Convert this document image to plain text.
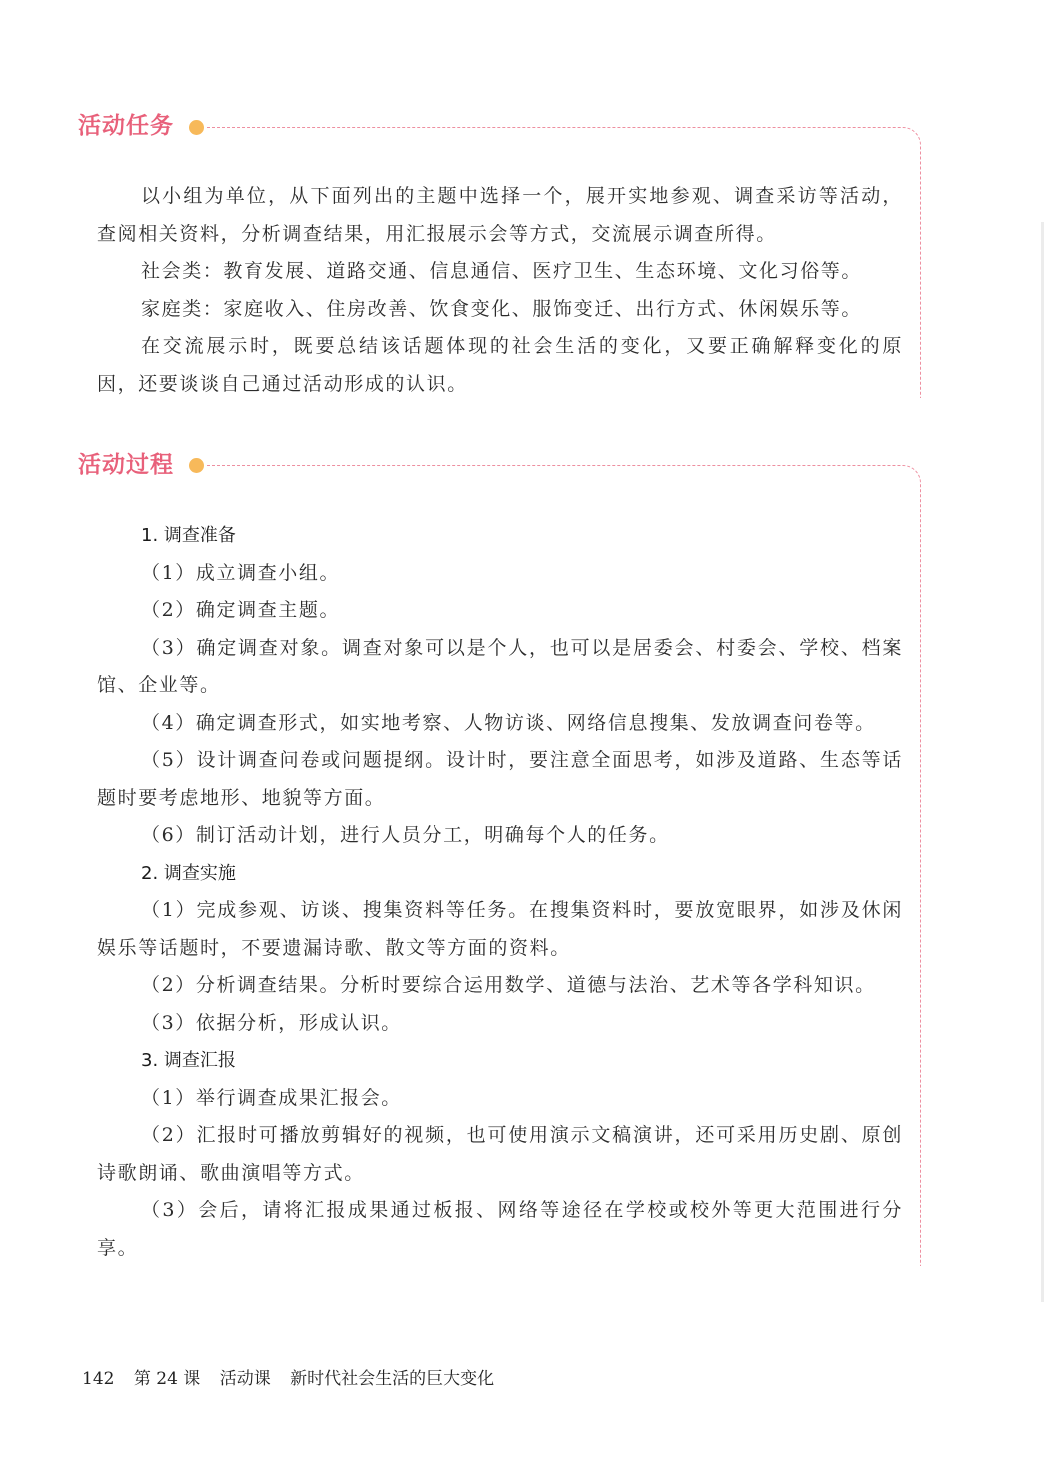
活动任务

以小组为单位，从下面列出的主题中选择一个，展开实地参观、调查采访等活动，查阅相关资料，分析调查结果，用汇报展示会等方式，交流展示调查所得。

社会类：教育发展、道路交通、信息通信、医疗卫生、生态环境、文化习俗等。

家庭类：家庭收入、住房改善、饮食变化、服饰变迁、出行方式、休闲娱乐等。

在交流展示时，既要总结该话题体现的社会生活的变化，又要正确解释变化的原因，还要谈谈自己通过活动形成的认识。

活动过程

1. 调查准备

（1）成立调查小组。

（2）确定调查主题。

（3）确定调查对象。调查对象可以是个人，也可以是居委会、村委会、学校、档案馆、企业等。

（4）确定调查形式，如实地考察、人物访谈、网络信息搜集、发放调查问卷等。

（5）设计调查问卷或问题提纲。设计时，要注意全面思考，如涉及道路、生态等话题时要考虑地形、地貌等方面。

（6）制订活动计划，进行人员分工，明确每个人的任务。

2. 调查实施

（1）完成参观、访谈、搜集资料等任务。在搜集资料时，要放宽眼界，如涉及休闲娱乐等话题时，不要遗漏诗歌、散文等方面的资料。

（2）分析调查结果。分析时要综合运用数学、道德与法治、艺术等各学科知识。

（3）依据分析，形成认识。

3. 调查汇报

（1）举行调查成果汇报会。

（2）汇报时可播放剪辑好的视频，也可使用演示文稿演讲，还可采用历史剧、原创诗歌朗诵、歌曲演唱等方式。

（3）会后，请将汇报成果通过板报、网络等途径在学校或校外等更大范围进行分享。

142 第 24 课 活动课 新时代社会生活的巨大变化
